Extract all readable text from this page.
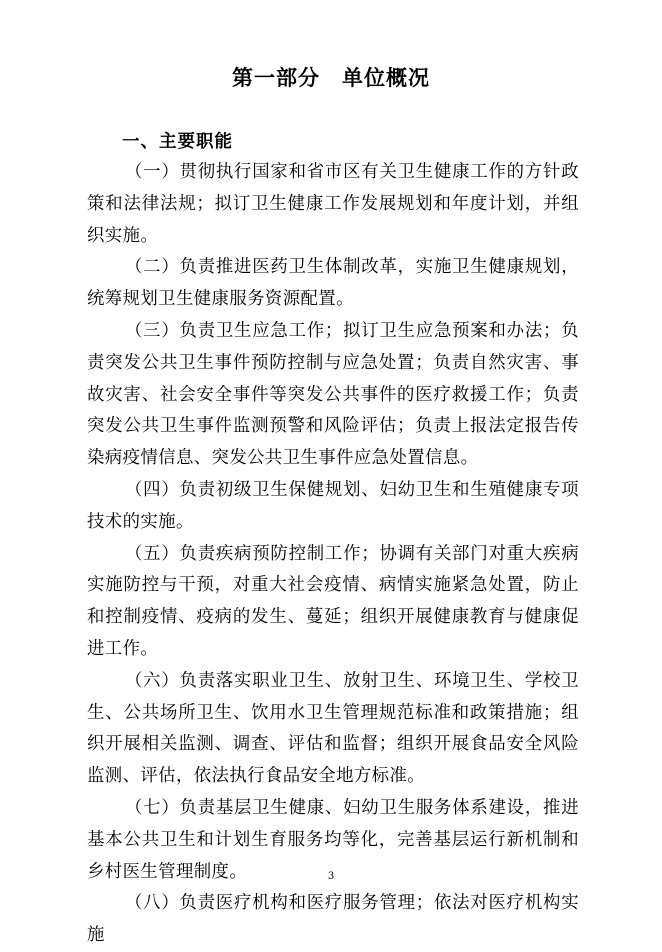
第一部分　单位概况
一、主要职能

（一）贯彻执行国家和省市区有关卫生健康工作的方针政策和法律法规；拟订卫生健康工作发展规划和年度计划，并组织实施。

（二）负责推进医药卫生体制改革，实施卫生健康规划，统筹规划卫生健康服务资源配置。

（三）负责卫生应急工作；拟订卫生应急预案和办法；负责突发公共卫生事件预防控制与应急处置；负责自然灾害、事故灾害、社会安全事件等突发公共事件的医疗救援工作；负责突发公共卫生事件监测预警和风险评估；负责上报法定报告传染病疫情信息、突发公共卫生事件应急处置信息。

（四）负责初级卫生保健规划、妇幼卫生和生殖健康专项技术的实施。

（五）负责疾病预防控制工作；协调有关部门对重大疾病实施防控与干预，对重大社会疫情、病情实施紧急处置，防止和控制疫情、疫病的发生、蔓延；组织开展健康教育与健康促进工作。

（六）负责落实职业卫生、放射卫生、环境卫生、学校卫生、公共场所卫生、饮用水卫生管理规范标准和政策措施；组织开展相关监测、调查、评估和监督；组织开展食品安全风险监测、评估，依法执行食品安全地方标准。

（七）负责基层卫生健康、妇幼卫生服务体系建设，推进基本公共卫生和计划生育服务均等化，完善基层运行新机制和乡村医生管理制度。

（八）负责医疗机构和医疗服务管理；依法对医疗机构实施

3
